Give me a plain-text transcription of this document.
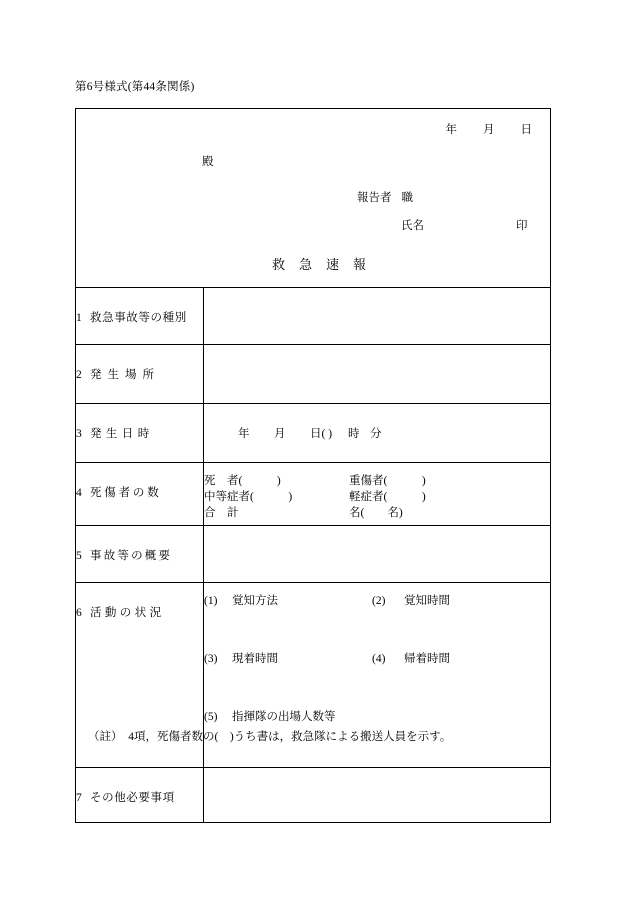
第6号様式(第44条関係)
年 月 日
殿
報告者 職
氏名	印
救急速報

1 救急事故等の種別

2 発生場所

3 発生日時	年 月 日( ) 時 分

4 死傷者の数

死　者(　　　)	重傷者(　　　)
中等症者(　　　)	軽症者(　　　)
合　計	名(　　名)

5 事故等の概要

6 活動の状況

(1)	覚知方法	(2)	覚知時間
(3)	現着時間	(4)	帰着時間
(5)	指揮隊の出場人数等

7 その他必要事項

（註）　4項，死傷者数の(　)うち書は，救急隊による搬送人員を示す。
